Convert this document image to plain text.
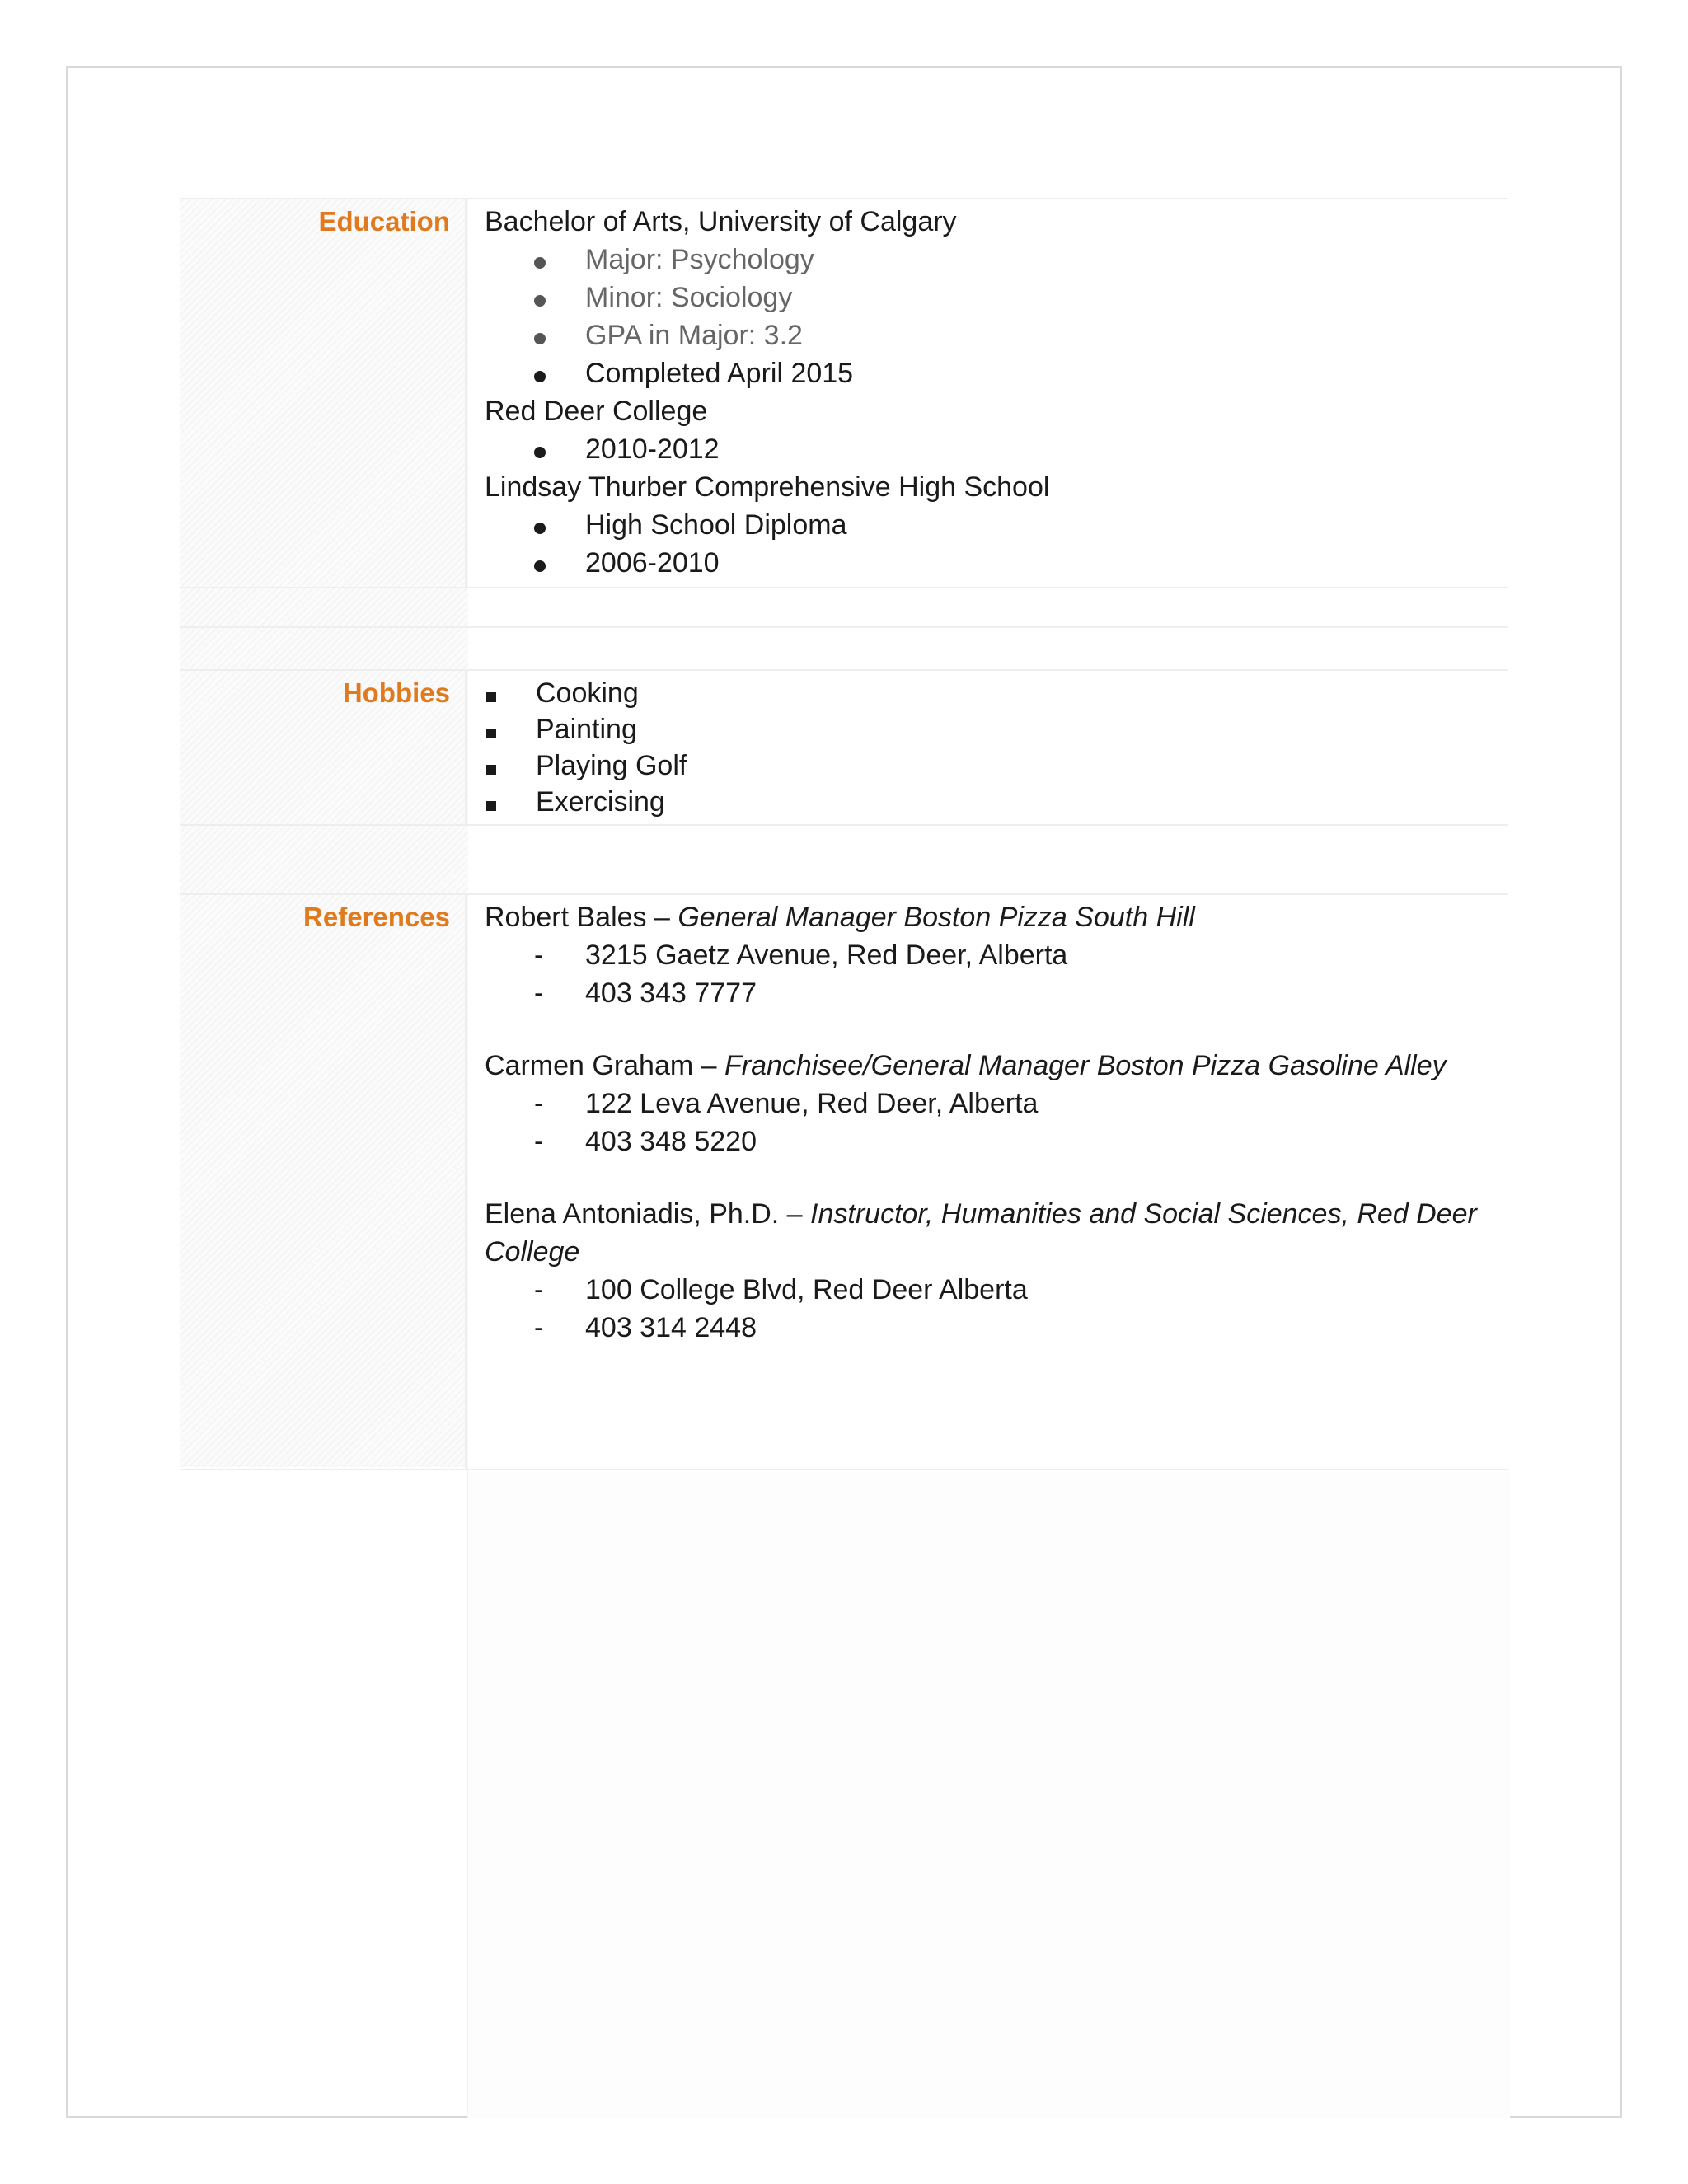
Education	Bachelor of Arts, University of Calgary
Major: Psychology
Minor: Sociology
GPA in Major: 3.2
Completed April 2015
Red Deer College
2010-2012
Lindsay Thurber Comprehensive High School
High School Diploma
2006-2010
Hobbies	Cooking
Painting
Playing Golf
Exercising
References	Robert Bales – General Manager Boston Pizza South Hill
- 3215 Gaetz Avenue, Red Deer, Alberta
- 403 343 7777
Carmen Graham – Franchisee/General Manager Boston Pizza Gasoline Alley
- 122 Leva Avenue, Red Deer, Alberta
- 403 348 5220
Elena Antoniadis, Ph.D. – Instructor, Humanities and Social Sciences, Red Deer
College
- 100 College Blvd, Red Deer Alberta
- 403 314 2448
